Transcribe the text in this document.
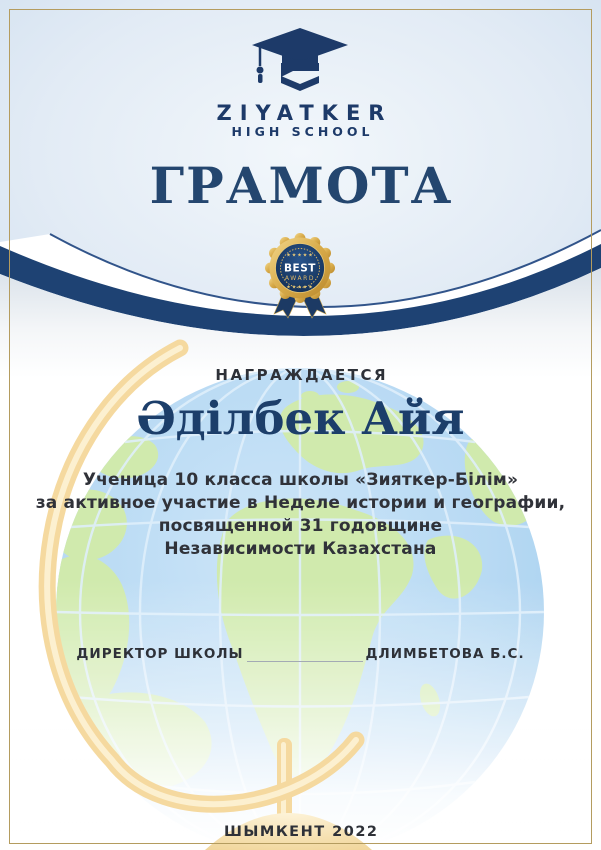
ZIYATKER
HIGH SCHOOL
ГРАМОТА
★★★★★
BEST
AWARD
★★★★★
НАГРАЖДАЕТСЯ
Әділбек Айя
Ученица 10 класса школы «Зияткер-Білім»
за активное участие в Неделе истории и географии,
посвященной 31 годовщине
Независимости Казахстана
ДИРЕКТОР ШКОЛЫ	ДЛИМБЕТОВА Б.С.
ШЫМКЕНТ 2022
